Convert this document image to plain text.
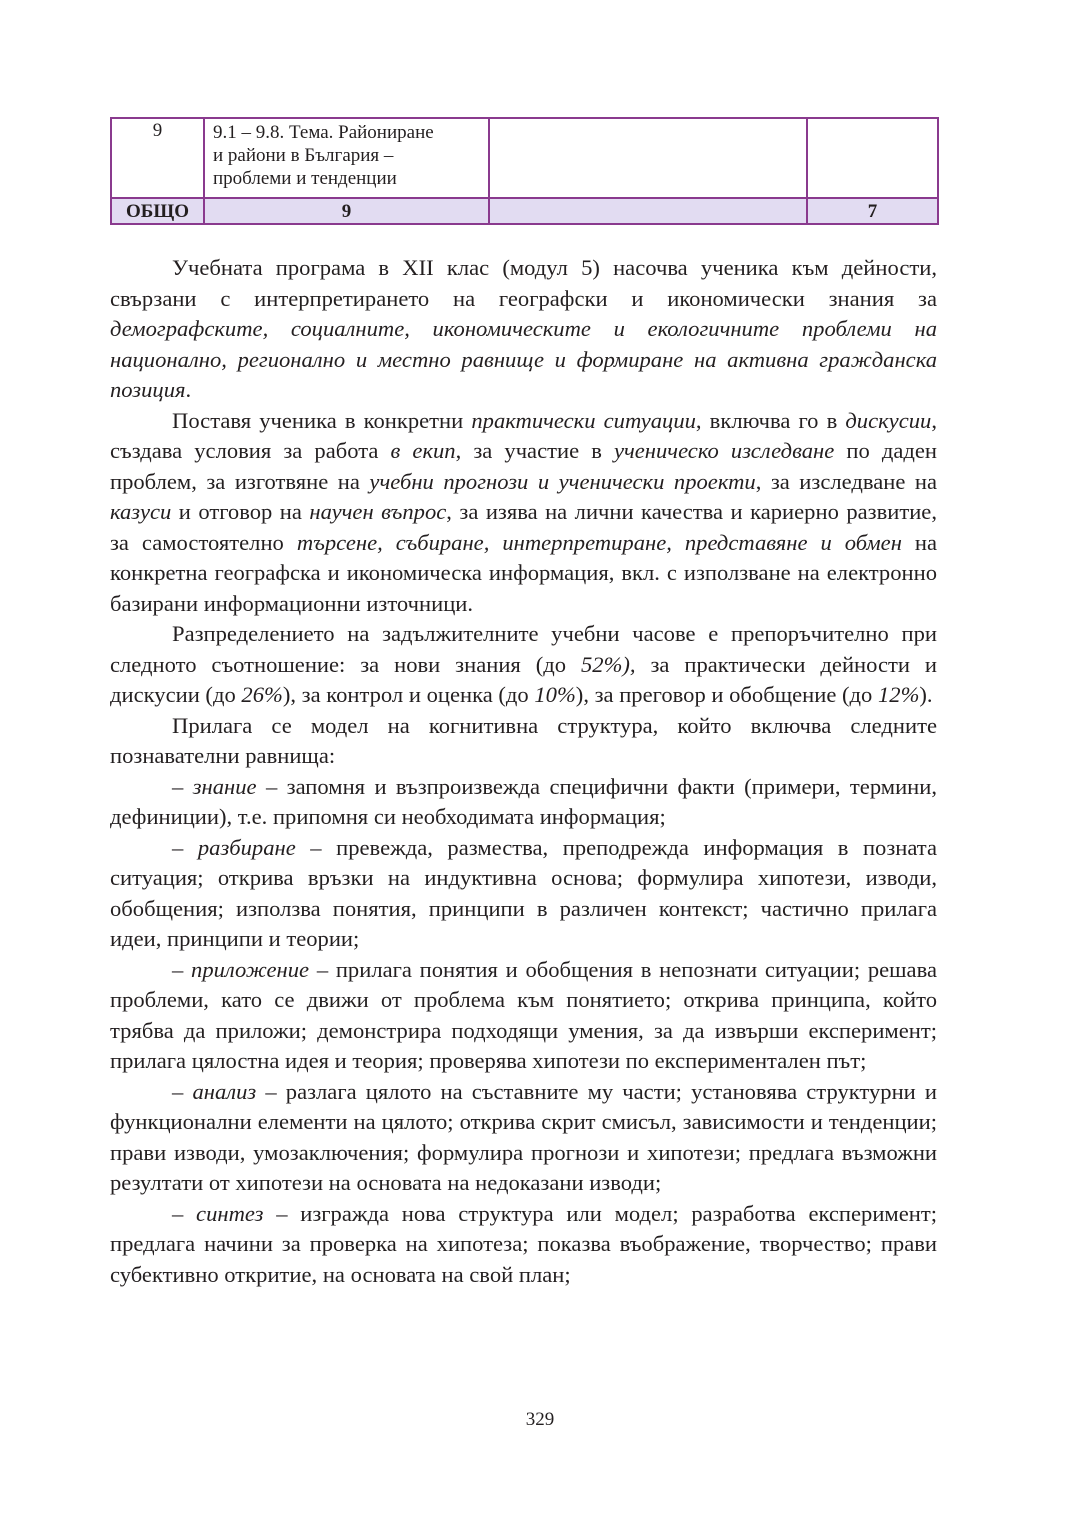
9	9.1 – 9.8. Тема. Райониране
и райони в България –
проблеми и тенденции		

ОБЩО	9		7

Учебната програма в XII клас (модул 5) насочва ученика към дейности, свързани с интерпретирането на географски и икономически знания за демографските, социалните, икономическите и екологичните проблеми на национално, регионално и местно равнище и формиране на активна гражданска позиция.

Поставя ученика в конкретни практически ситуации, включва го в дискусии, създава условия за работа в екип, за участие в ученическо изследване по даден проблем, за изготвяне на учебни прогнози и ученически проекти, за изследване на казуси и отговор на научен въпрос, за изява на лични качества и кариерно развитие, за самостоятелно търсене, събиране, интерпретиране, представяне и обмен на конкретна географска и икономическа информация, вкл. с използване на електронно базирани информационни източници.

Разпределението на задължителните учебни часове е препоръчително при следното съотношение: за нови знания (до 52%), за практически дейности и дискусии (до 26%), за контрол и оценка (до 10%), за преговор и обобщение (до 12%).

Прилага се модел на когнитивна структура, който включва следните познавателни равнища:

– знание – запомня и възпроизвежда специфични факти (примери, термини, дефиниции), т.е. припомня си необходимата информация;

– разбиране – превежда, размества, преподрежда информация в позната ситуация; открива връзки на индуктивна основа; формулира хипотези, изводи, обобщения; използва понятия, принципи в различен контекст; частично прилага идеи, принципи и теории;

– приложение – прилага понятия и обобщения в непознати ситуации; решава проблеми, като се движи от проблема към понятието; открива принципа, който трябва да приложи; демонстрира подходящи умения, за да извърши експеримент; прилага цялостна идея и теория; проверява хипотези по експериментален път;

– анализ – разлага цялото на съставните му части; установява структурни и функционални елементи на цялото; открива скрит смисъл, зависимости и тенденции; прави изводи, умозаключения; формулира прогнози и хипотези; предлага възможни резултати от хипотези на основата на недоказани изводи;

– синтез – изгражда нова структура или модел; разработва експеримент; предлага начини за проверка на хипотеза; показва въображение, творчество; прави субективно откритие, на основата на свой план;

329
